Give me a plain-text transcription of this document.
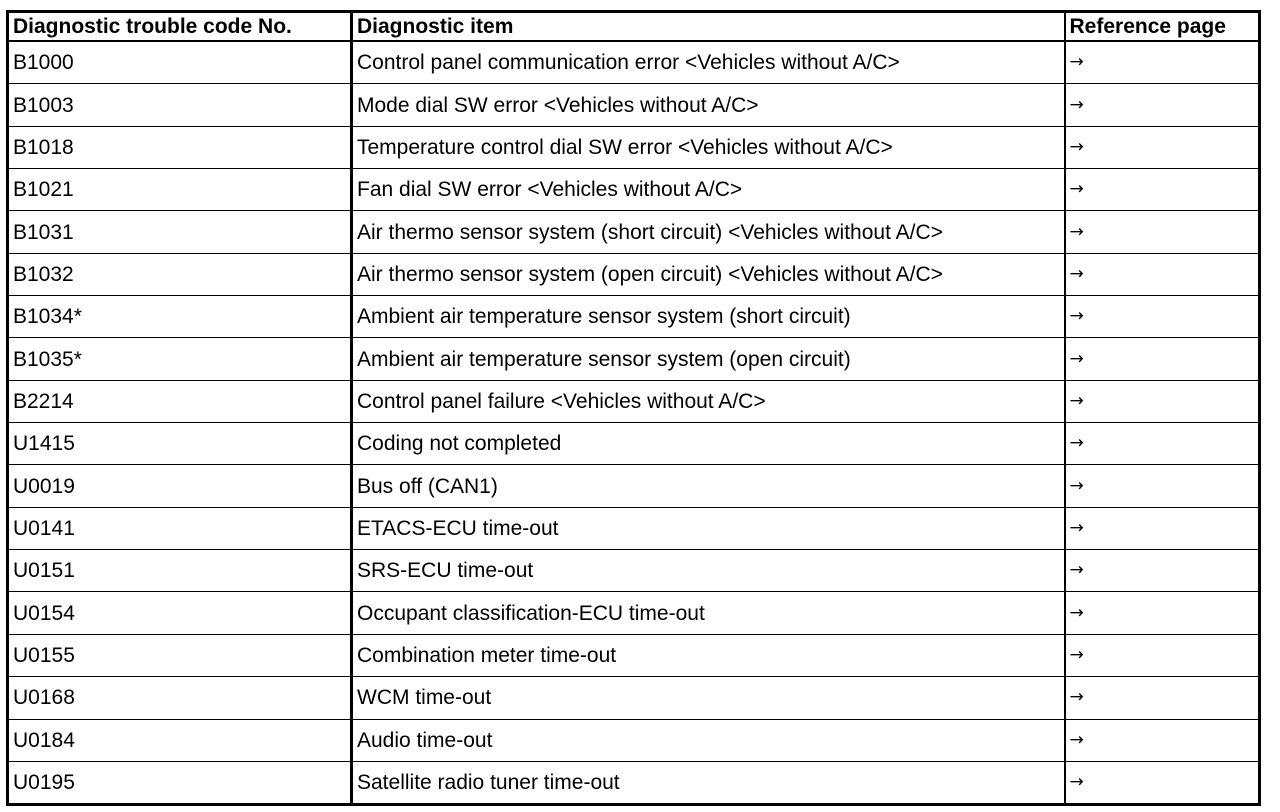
Diagnostic trouble code No.	Diagnostic item	Reference page
B1000	Control panel communication error <Vehicles without A/C>	→
B1003	Mode dial SW error <Vehicles without A/C>	→
B1018	Temperature control dial SW error <Vehicles without A/C>	→
B1021	Fan dial SW error <Vehicles without A/C>	→
B1031	Air thermo sensor system (short circuit) <Vehicles without A/C>	→
B1032	Air thermo sensor system (open circuit) <Vehicles without A/C>	→
B1034*	Ambient air temperature sensor system (short circuit)	→
B1035*	Ambient air temperature sensor system (open circuit)	→
B2214	Control panel failure <Vehicles without A/C>	→
U1415	Coding not completed	→
U0019	Bus off (CAN1)	→
U0141	ETACS-ECU time-out	→
U0151	SRS-ECU time-out	→
U0154	Occupant classification-ECU time-out	→
U0155	Combination meter time-out	→
U0168	WCM time-out	→
U0184	Audio time-out	→
U0195	Satellite radio tuner time-out	→
